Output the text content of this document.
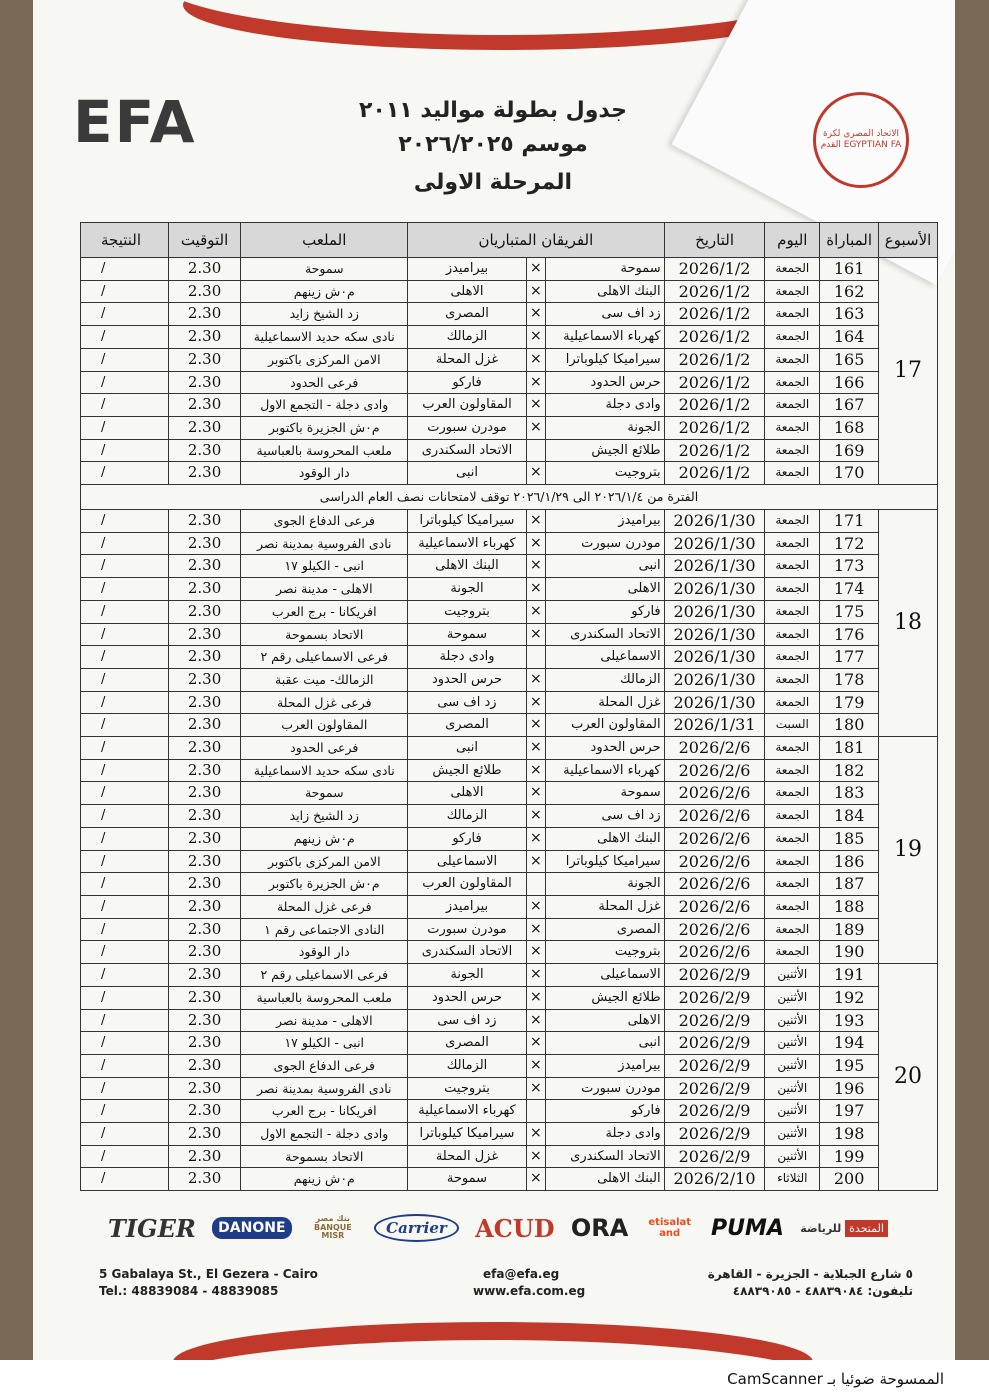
EFA	الاتحاد المصري لكرة القدم EGYPTIAN FA
جدول بطولة مواليد ٢٠١١
موسم ٢٠٢٦/٢٠٢٥
المرحلة الاولى
الأسبوع	المباراة	اليوم	التاريخ	الفريقان المتباريان			الملعب	التوقيت	النتيجة
17	161	الجمعة	2026/1/2	سموحة	×	بيراميدز	سموحة	2.30	/
	162	الجمعة	2026/1/2	البنك الاهلى	×	الاهلى	م٠ش زينهم	2.30	/
	163	الجمعة	2026/1/2	زد اف سى	×	المصرى	زد الشيخ زايد	2.30	/
	164	الجمعة	2026/1/2	كهرباء الاسماعيلية	×	الزمالك	نادى سكه حديد الاسماعيلية	2.30	/
	165	الجمعة	2026/1/2	سيراميكا كيلوباترا	×	غزل المحلة	الامن المركزى باكتوبر	2.30	/
	166	الجمعة	2026/1/2	حرس الحدود	×	فاركو	فرعى الحدود	2.30	/
	167	الجمعة	2026/1/2	وادى دجلة	×	المقاولون العرب	وادى دجلة - التجمع الاول	2.30	/
	168	الجمعة	2026/1/2	الجونة	×	مودرن سبورت	م٠ش الجزيرة باكتوبر	2.30	/
	169	الجمعة	2026/1/2	طلائع الجيش		الاتحاد السكندرى	ملعب المحروسة بالعباسية	2.30	/
	170	الجمعة	2026/1/2	بتروجيت	×	انبى	دار الوقود	2.30	/
الفترة من ٢٠٢٦/١/٤ الى ٢٠٢٦/١/٢٩ توقف لامتحانات نصف العام الدراسى									
18	171	الجمعة	2026/1/30	بيراميدز	×	سيراميكا كيلوباترا	فرعى الدفاع الجوى	2.30	/
	172	الجمعة	2026/1/30	مودرن سبورت	×	كهرباء الاسماعيلية	نادى الفروسية بمدينة نصر	2.30	/
	173	الجمعة	2026/1/30	انبى	×	البنك الاهلى	انبى - الكيلو ١٧	2.30	/
	174	الجمعة	2026/1/30	الاهلى	×	الجونة	الاهلى - مدينة نصر	2.30	/
	175	الجمعة	2026/1/30	فاركو	×	بتروجيت	افريكانا - برج العرب	2.30	/
	176	الجمعة	2026/1/30	الاتحاد السكندرى	×	سموحة	الاتحاد بسموحة	2.30	/
	177	الجمعة	2026/1/30	الاسماعيلى		وادى دجلة	فرعى الاسماعيلى رقم ٢	2.30	/
	178	الجمعة	2026/1/30	الزمالك	×	حرس الحدود	الزمالك- ميت عقبة	2.30	/
	179	الجمعة	2026/1/30	غزل المحلة	×	زد اف سى	فرعى غزل المحلة	2.30	/
	180	السبت	2026/1/31	المقاولون العرب	×	المصرى	المقاولون العرب	2.30	/
19	181	الجمعة	2026/2/6	حرس الحدود	×	انبى	فرعى الحدود	2.30	/
	182	الجمعة	2026/2/6	كهرباء الاسماعيلية	×	طلائع الجيش	نادى سكه حديد الاسماعيلية	2.30	/
	183	الجمعة	2026/2/6	سموحة	×	الاهلى	سموحة	2.30	/
	184	الجمعة	2026/2/6	زد اف سى	×	الزمالك	زد الشيخ زايد	2.30	/
	185	الجمعة	2026/2/6	البنك الاهلى	×	فاركو	م٠ش زينهم	2.30	/
	186	الجمعة	2026/2/6	سيراميكا كيلوباترا	×	الاسماعيلى	الامن المركزى باكتوبر	2.30	/
	187	الجمعة	2026/2/6	الجونة		المقاولون العرب	م٠ش الجزيرة باكتوبر	2.30	/
	188	الجمعة	2026/2/6	غزل المحلة	×	بيراميدز	فرعى غزل المحلة	2.30	/
	189	الجمعة	2026/2/6	المصرى	×	مودرن سبورت	النادى الاجتماعى رقم ١	2.30	/
	190	الجمعة	2026/2/6	بتروجيت	×	الاتحاد السكندرى	دار الوقود	2.30	/
20	191	الأثنين	2026/2/9	الاسماعيلى	×	الجونة	فرعى الاسماعيلى رقم ٢	2.30	/
	192	الأثنين	2026/2/9	طلائع الجيش	×	حرس الحدود	ملعب المحروسة بالعباسية	2.30	/
	193	الأثنين	2026/2/9	الاهلى	×	زد اف سى	الاهلى - مدينة نصر	2.30	/
	194	الأثنين	2026/2/9	انبى	×	المصرى	انبى - الكيلو ١٧	2.30	/
	195	الأثنين	2026/2/9	بيراميدز	×	الزمالك	فرعى الدفاع الجوى	2.30	/
	196	الأثنين	2026/2/9	مودرن سبورت	×	بتروجيت	نادى الفروسية بمدينة نصر	2.30	/
	197	الأثنين	2026/2/9	فاركو		كهرباء الاسماعيلية	افريكانا - برج العرب	2.30	/
	198	الأثنين	2026/2/9	وادى دجلة	×	سيراميكا كيلوباترا	وادى دجلة - التجمع الاول	2.30	/
	199	الأثنين	2026/2/9	الاتحاد السكندرى	×	غزل المحلة	الاتحاد بسموحة	2.30	/
	200	الثلاثاء	2026/2/10	البنك الاهلى	×	سموحة	م٠ش زينهم	2.30	/
TIGER	DANONE
بنك مصر BANQUE MISR	Carrier	ACUD ORA	etisalat and	PUMA	المتحدة للرياضة
5 Gabalaya St., El Gezera - Cairo
Tel.: 48839084 - 48839085
efa@efa.eg
www.efa.com.eg
٥ شارع الجبلاية - الجزيرة - القاهرة
تليفون: ٤٨٨٣٩٠٨٤ - ٤٨٨٣٩٠٨٥
الممسوحة ضوئيا بـ CamScanner
